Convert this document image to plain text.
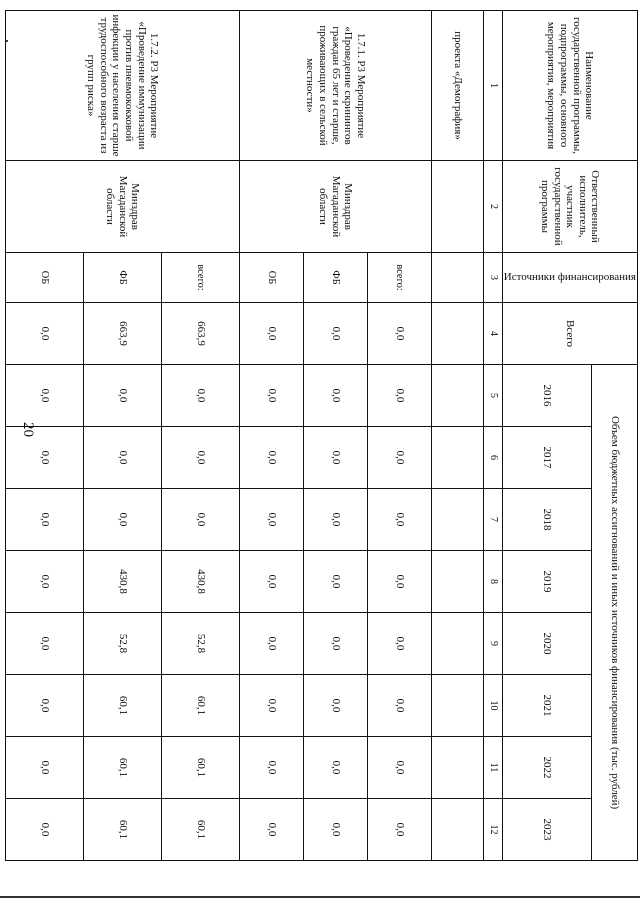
20
Наименование государственной программы, подпрограммы, основного мероприятия, мероприятия	Ответственный исполнитель, участник государственной программы	Источники финансирования	Всего	Объем бюджетных ассигнований и иных источников финансирования (тыс. рублей)							
				2016	2017	2018	2019	2020	2021	2022	2023
1	2	3	4	5	6	7	8	9	10	11	12
проекта «Демография»											
1.7.1. Р3 Мероприятие «Проведение скринингов граждан 65 лет и старше, проживающих в сельской местности»	Минздрав Магаданской области	всего:	0,0	0,0	0,0	0,0	0,0	0,0	0,0	0,0	0,0
		ФБ	0,0	0,0	0,0	0,0	0,0	0,0	0,0	0,0	0,0
		ОБ	0,0	0,0	0,0	0,0	0,0	0,0	0,0	0,0	0,0
1.7.2. Р3 Мероприятие «Проведение иммунизации против пневмококковой инфекции у населения старше трудоспособного возраста из групп риска»	Минздрав Магаданской области	всего:	663,9	0,0	0,0	0,0	430,8	52,8	60,1	60,1	60,1
		ФБ	663,9	0,0	0,0	0,0	430,8	52,8	60,1	60,1	60,1
		ОБ	0,0	0,0	0,0	0,0	0,0	0,0	0,0	0,0	0,0
